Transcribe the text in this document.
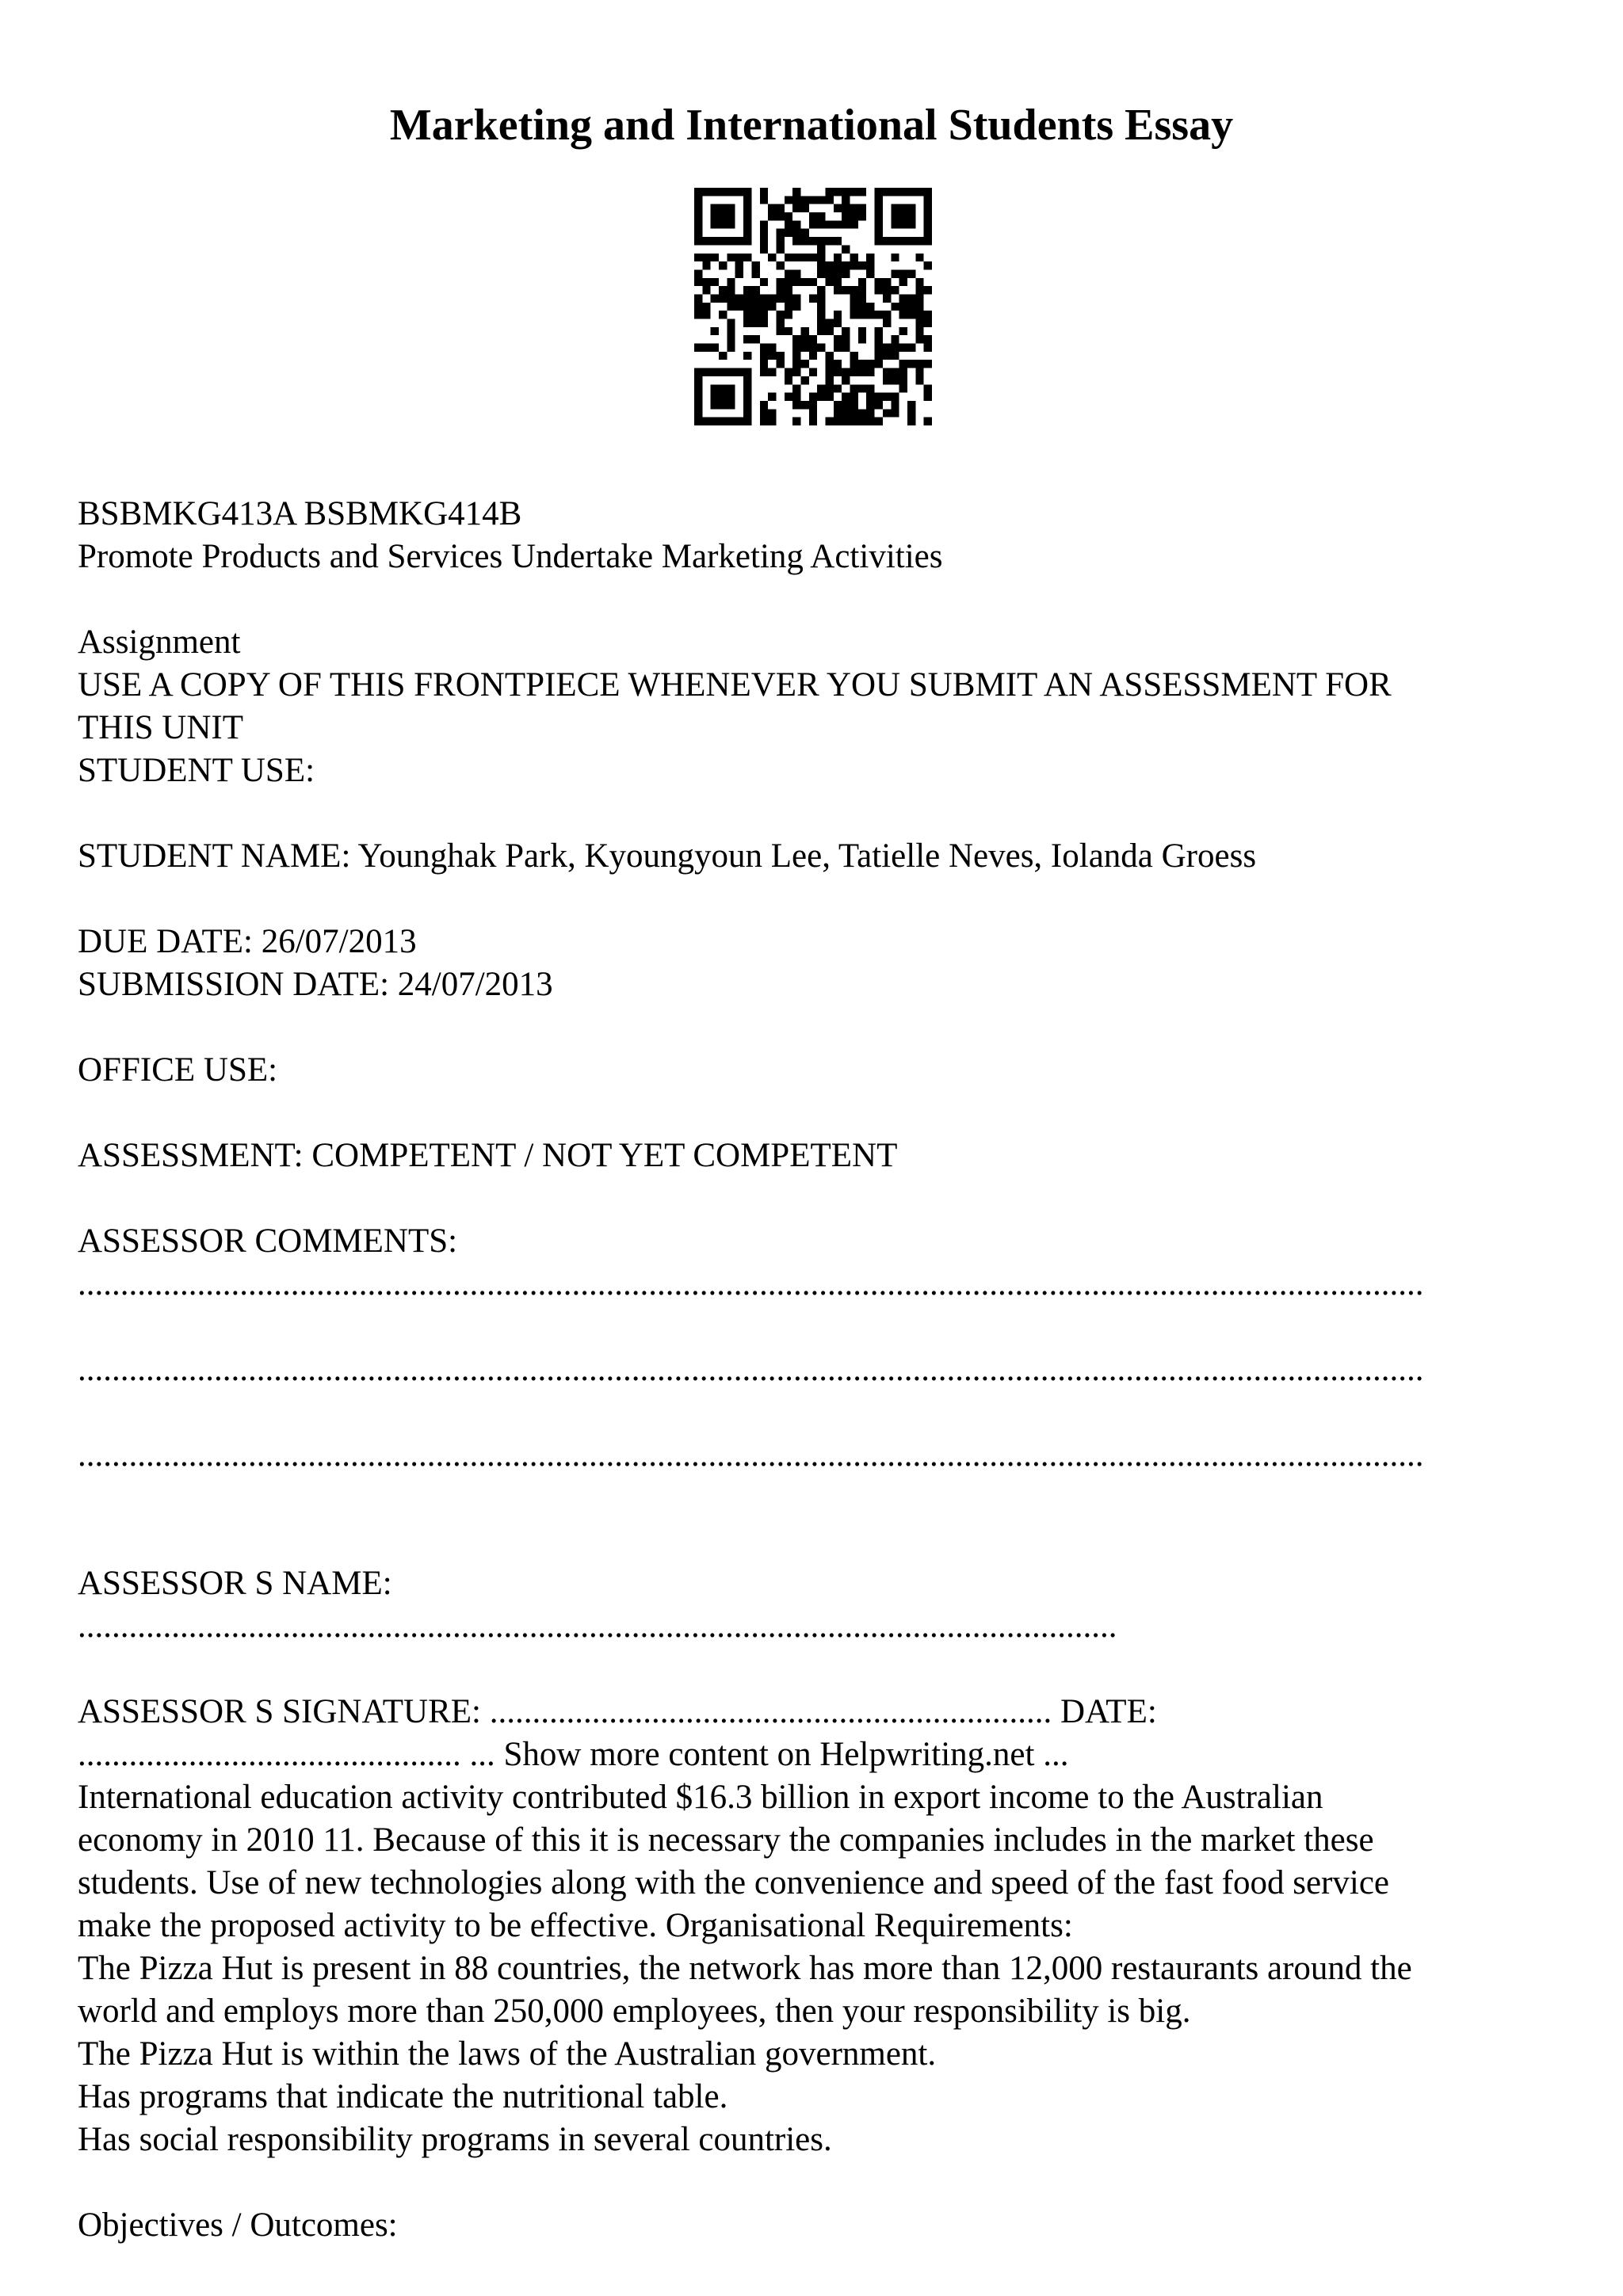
Marketing and International Students Essay
BSBMKG413A BSBMKG414B
Promote Products and Services Undertake Marketing Activities
Assignment
USE A COPY OF THIS FRONTPIECE WHENEVER YOU SUBMIT AN ASSESSMENT FOR
THIS UNIT
STUDENT USE:
STUDENT NAME: Younghak Park, Kyoungyoun Lee, Tatielle Neves, Iolanda Groess
DUE DATE: 26/07/2013
SUBMISSION DATE: 24/07/2013
OFFICE USE:
ASSESSMENT: COMPETENT / NOT YET COMPETENT
ASSESSOR COMMENTS:
..............................................................................................................................................................
..............................................................................................................................................................
..............................................................................................................................................................
ASSESSOR S NAME:
..........................................................................................................................
ASSESSOR S SIGNATURE: .................................................................. DATE:
............................................. ... Show more content on Helpwriting.net ...
International education activity contributed $16.3 billion in export income to the Australian
economy in 2010 11. Because of this it is necessary the companies includes in the market these
students. Use of new technologies along with the convenience and speed of the fast food service
make the proposed activity to be effective. Organisational Requirements:
The Pizza Hut is present in 88 countries, the network has more than 12,000 restaurants around the
world and employs more than 250,000 employees, then your responsibility is big.
The Pizza Hut is within the laws of the Australian government.
Has programs that indicate the nutritional table.
Has social responsibility programs in several countries.
Objectives / Outcomes:
